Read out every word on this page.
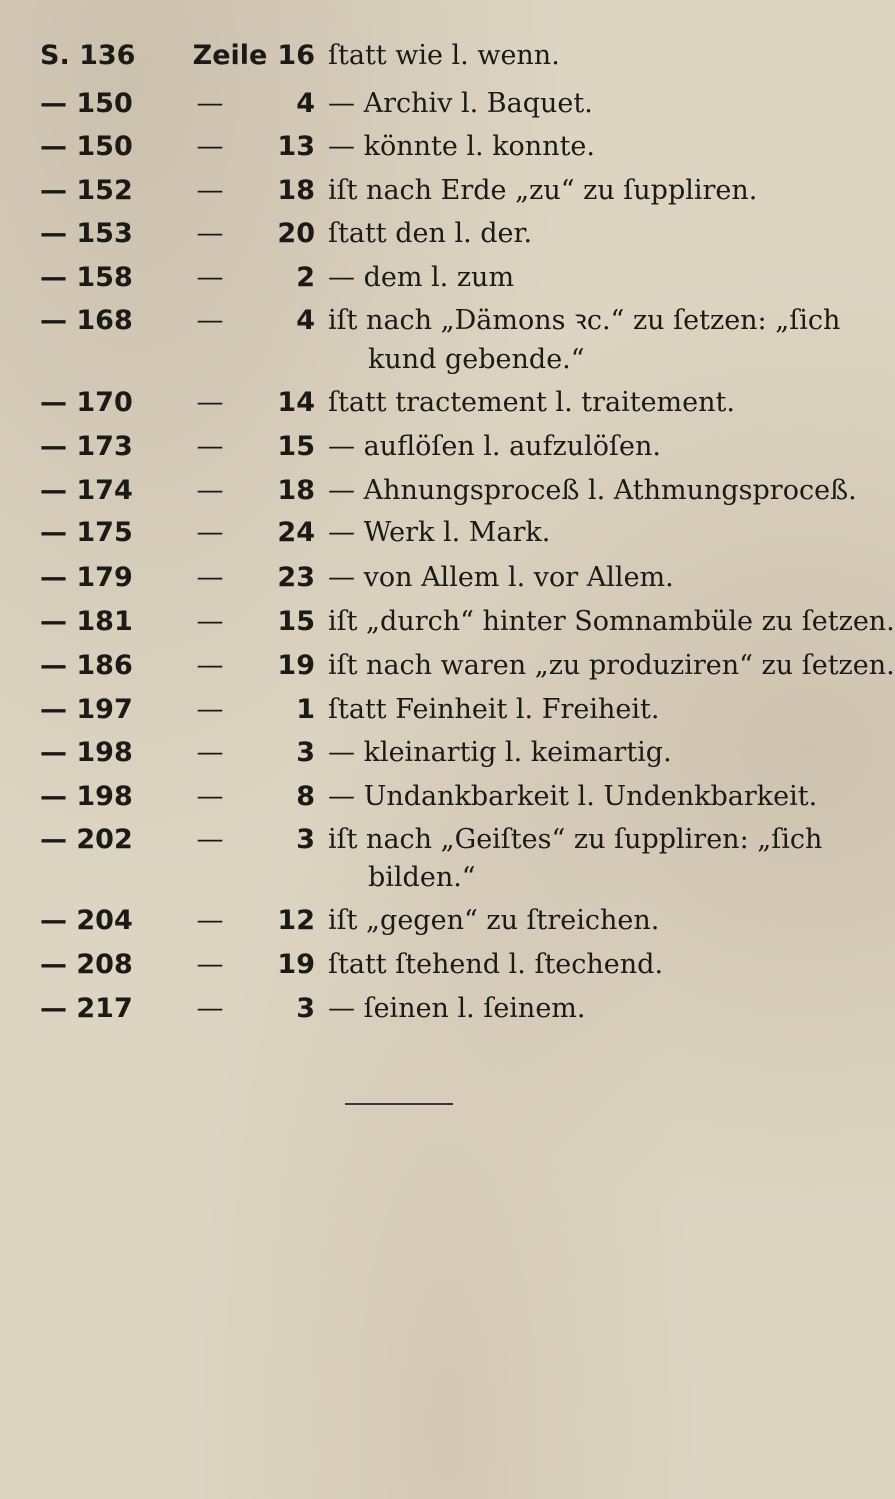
S. 136	Zeile 16 ſtatt wie l. wenn.
— 150	—	4 — Archiv l. Baquet.
— 150	—	13 — könnte l. konnte.
— 152	—	18 iſt nach Erde „zu“ zu ſuppliren.
— 153	—	20 ſtatt den l. der.
— 158	—	2 — dem l. zum
— 168	—	4 iſt nach „Dämons ꝛc.“ zu ſetzen: „ſich
kund gebende.“
— 170	—	14 ſtatt tractement l. traitement.
— 173	—	15 — auflöſen l. aufzulöſen.
— 174	—	18 — Ahnungsproceß l. Athmungsproceß.
— 175	—	24 — Werk l. Mark.
— 179	—	23 — von Allem l. vor Allem.
— 181	—	15 iſt „durch“ hinter Somnambüle zu ſetzen.
— 186	—	19 iſt nach waren „zu produziren“ zu ſetzen.
— 197	—	1 ſtatt Feinheit l. Freiheit.
— 198	—	3 — kleinartig l. keimartig.
— 198	—	8 — Undankbarkeit l. Undenkbarkeit.
— 202	—	3 iſt nach „Geiſtes“ zu ſuppliren: „ſich
bilden.“
— 204	—	12 iſt „gegen“ zu ſtreichen.
— 208	—	19 ſtatt ſtehend l. ſtechend.
— 217	—	3 — ſeinen l. ſeinem.
